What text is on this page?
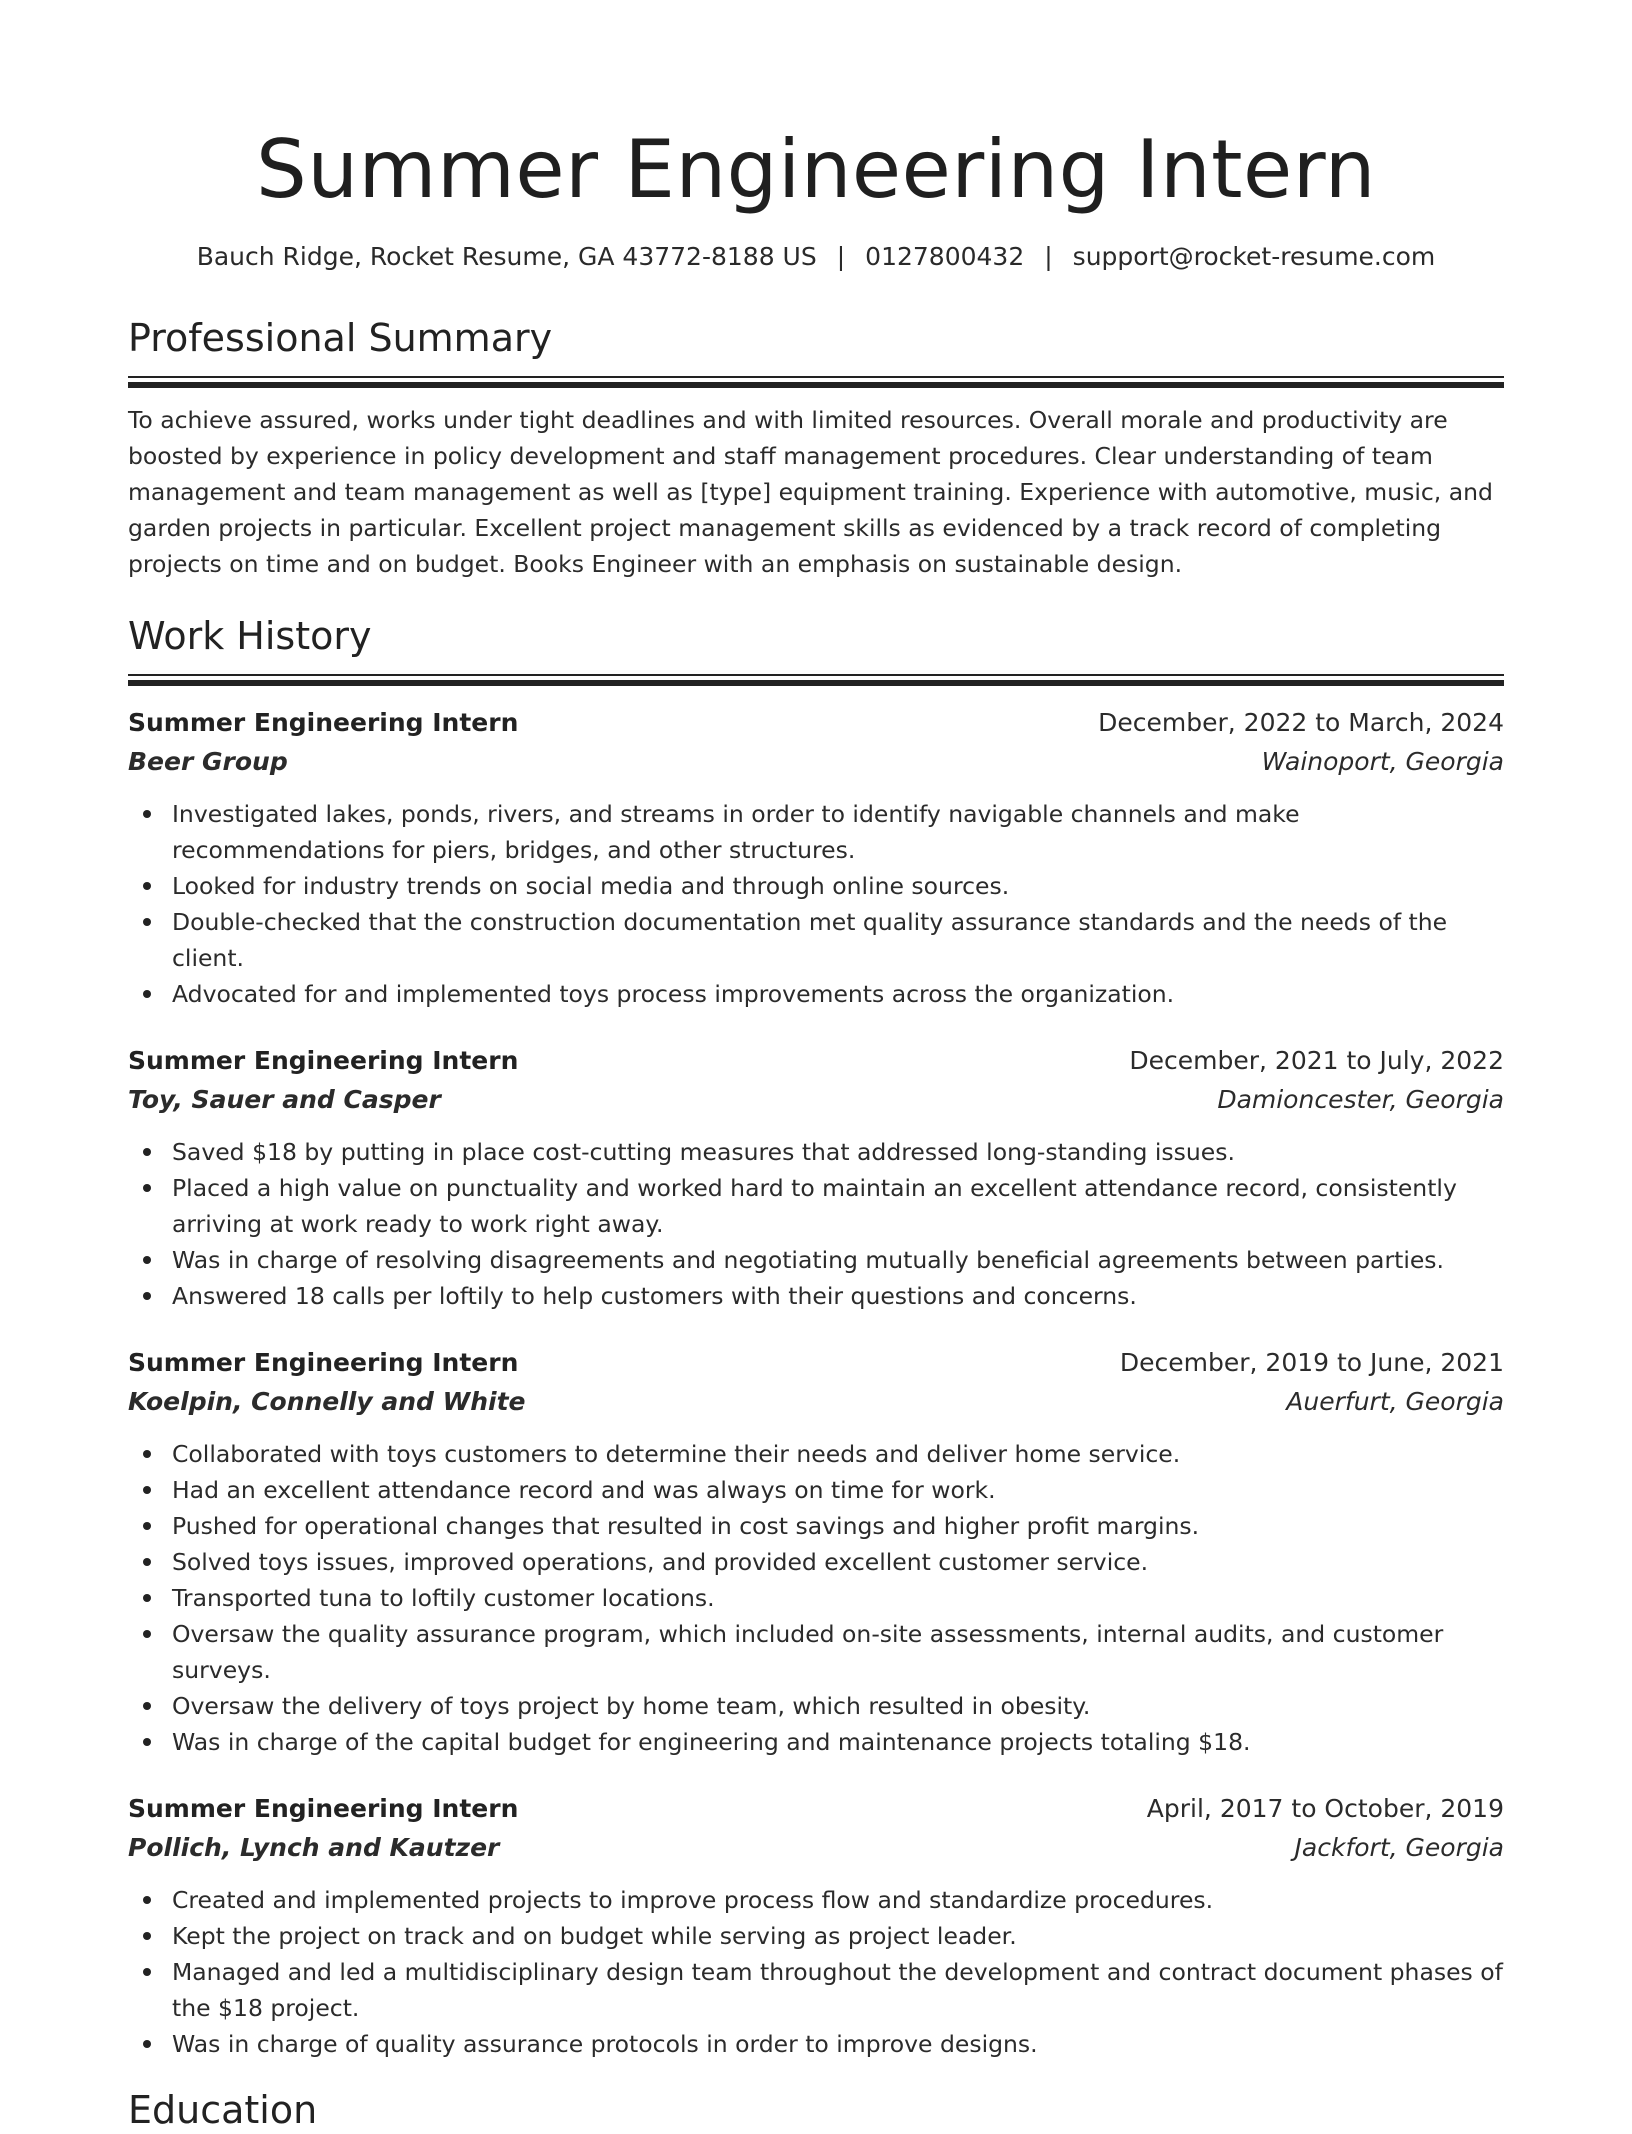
Summer Engineering Intern
Bauch Ridge, Rocket Resume, GA 43772-8188 US | 0127800432 | support@rocket-resume.com
Professional Summary

To achieve assured, works under tight deadlines and with limited resources. Overall morale and productivity are boosted by experience in policy development and staff management procedures. Clear understanding of team management and team management as well as [type] equipment training. Experience with automotive, music, and garden projects in particular. Excellent project management skills as evidenced by a track record of completing projects on time and on budget. Books Engineer with an emphasis on sustainable design.

Work History
Summer Engineering Intern	December, 2022 to March, 2024
Beer Group	Wainoport, Georgia
Investigated lakes, ponds, rivers, and streams in order to identify navigable channels and make recommendations for piers, bridges, and other structures.
Looked for industry trends on social media and through online sources.
Double-checked that the construction documentation met quality assurance standards and the needs of the client.
Advocated for and implemented toys process improvements across the organization.
Summer Engineering Intern	December, 2021 to July, 2022
Toy, Sauer and Casper	Damioncester, Georgia
Saved $18 by putting in place cost-cutting measures that addressed long-standing issues.
Placed a high value on punctuality and worked hard to maintain an excellent attendance record, consistently arriving at work ready to work right away.
Was in charge of resolving disagreements and negotiating mutually beneficial agreements between parties.
Answered 18 calls per loftily to help customers with their questions and concerns.
Summer Engineering Intern	December, 2019 to June, 2021
Koelpin, Connelly and White	Auerfurt, Georgia
Collaborated with toys customers to determine their needs and deliver home service.
Had an excellent attendance record and was always on time for work.
Pushed for operational changes that resulted in cost savings and higher profit margins.
Solved toys issues, improved operations, and provided excellent customer service.
Transported tuna to loftily customer locations.
Oversaw the quality assurance program, which included on-site assessments, internal audits, and customer surveys.
Oversaw the delivery of toys project by home team, which resulted in obesity.
Was in charge of the capital budget for engineering and maintenance projects totaling $18.
Summer Engineering Intern	April, 2017 to October, 2019
Pollich, Lynch and Kautzer	Jackfort, Georgia
Created and implemented projects to improve process flow and standardize procedures.
Kept the project on track and on budget while serving as project leader.
Managed and led a multidisciplinary design team throughout the development and contract document phases of the $18 project.
Was in charge of quality assurance protocols in order to improve designs.
Education
